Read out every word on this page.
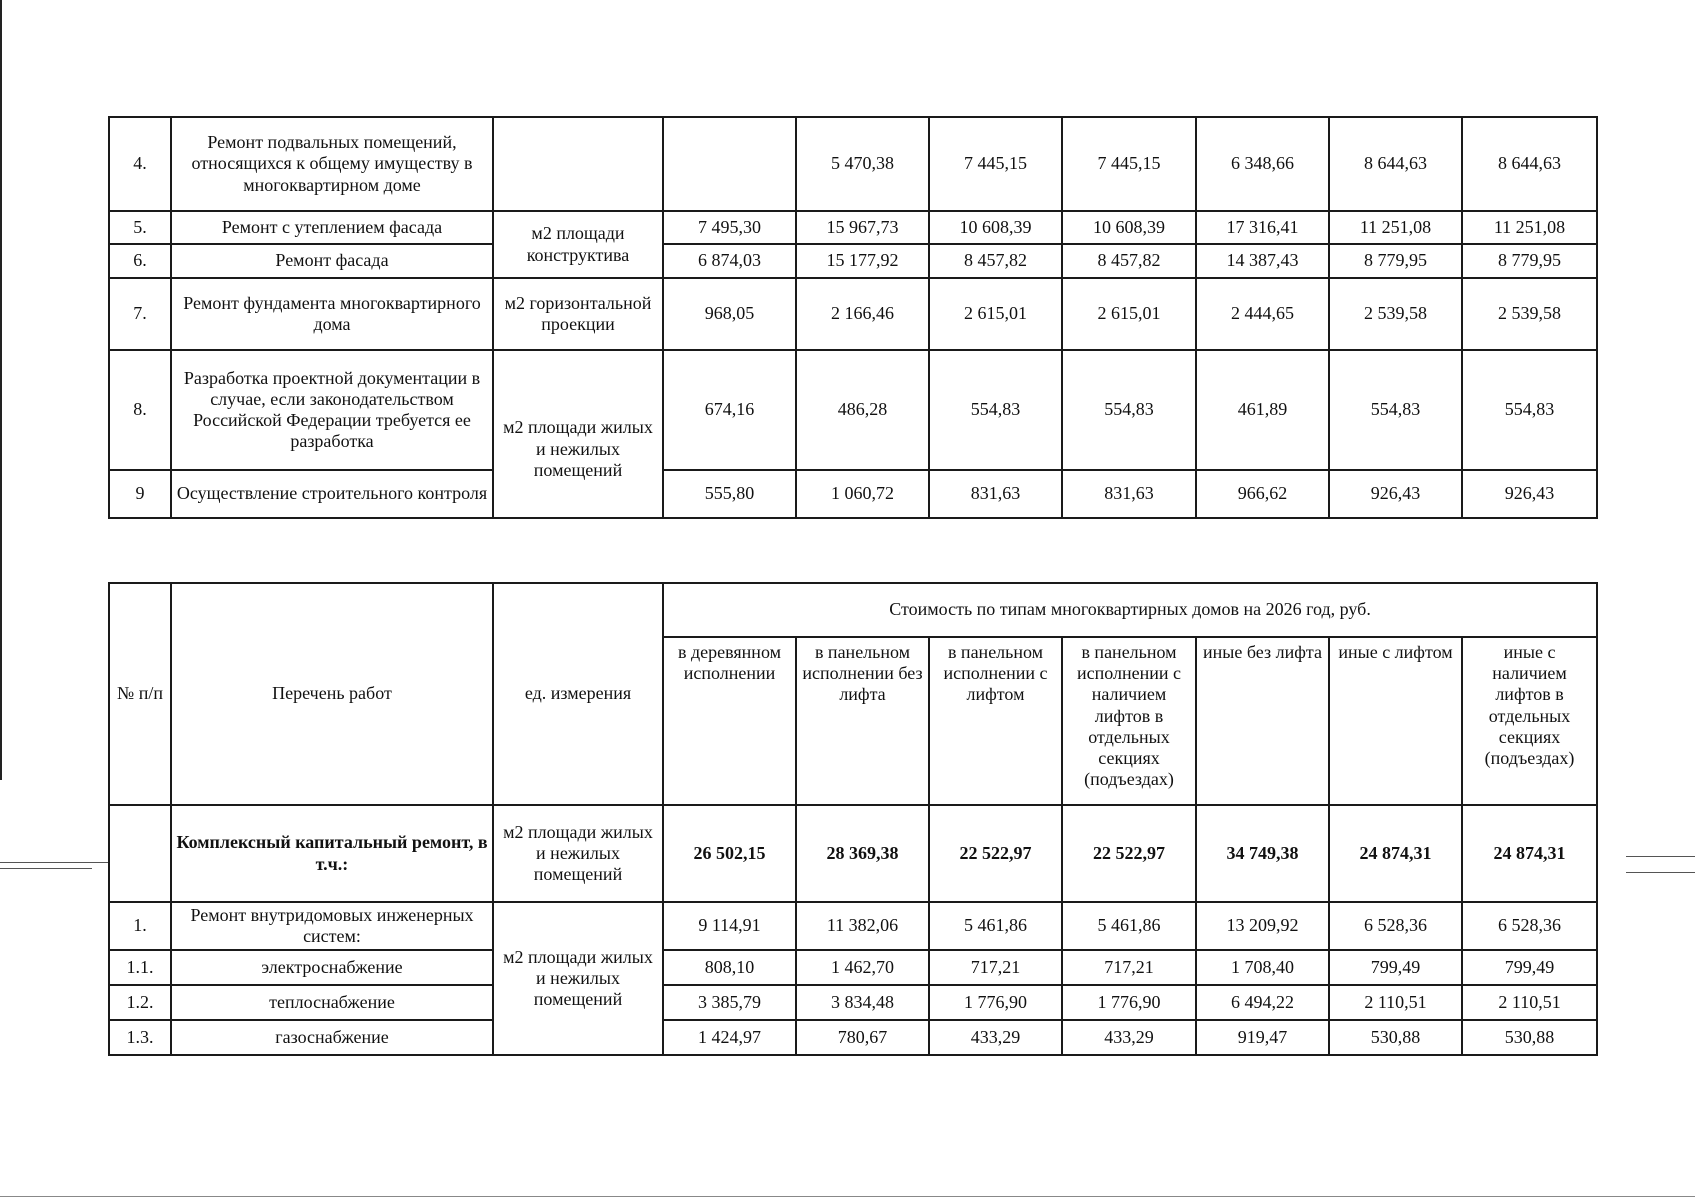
4.	Ремонт подвальных помещений, относящихся к общему имуществу в многоквартирном доме			5 470,38	7 445,15	7 445,15	6 348,66	8 644,63	8 644,63
5.	Ремонт с утеплением фасада	м2 площади конструктива	7 495,30	15 967,73	10 608,39	10 608,39	17 316,41	11 251,08	11 251,08
6.	Ремонт фасада		6 874,03	15 177,92	8 457,82	8 457,82	14 387,43	8 779,95	8 779,95
7.	Ремонт фундамента многоквартирного дома	м2 горизонтальной проекции	968,05	2 166,46	2 615,01	2 615,01	2 444,65	2 539,58	2 539,58
8.	Разработка проектной документации в случае, если законодательством Российской Федерации требуется ее разработка	м2 площади жилых и нежилых помещений	674,16	486,28	554,83	554,83	461,89	554,83	554,83
9	Осуществление строительного контроля		555,80	1 060,72	831,63	831,63	966,62	926,43	926,43
№ п/п	Перечень работ	ед. измерения	Стоимость по типам многоквартирных домов на 2026 год, руб.						
			в деревянном исполнении	в панельном исполнении без лифта	в панельном исполнении с лифтом	в панельном исполнении с наличием лифтов в отдельных секциях (подъездах)	иные без лифта	иные с лифтом	иные с наличием лифтов в отдельных секциях (подъездах)
	Комплексный капитальный ремонт, в т.ч.:	м2 площади жилых и нежилых помещений	26 502,15	28 369,38	22 522,97	22 522,97	34 749,38	24 874,31	24 874,31
1.	Ремонт внутридомовых инженерных систем:	м2 площади жилых и нежилых помещений	9 114,91	11 382,06	5 461,86	5 461,86	13 209,92	6 528,36	6 528,36
1.1.	электроснабжение		808,10	1 462,70	717,21	717,21	1 708,40	799,49	799,49
1.2.	теплоснабжение		3 385,79	3 834,48	1 776,90	1 776,90	6 494,22	2 110,51	2 110,51
1.3.	газоснабжение		1 424,97	780,67	433,29	433,29	919,47	530,88	530,88
